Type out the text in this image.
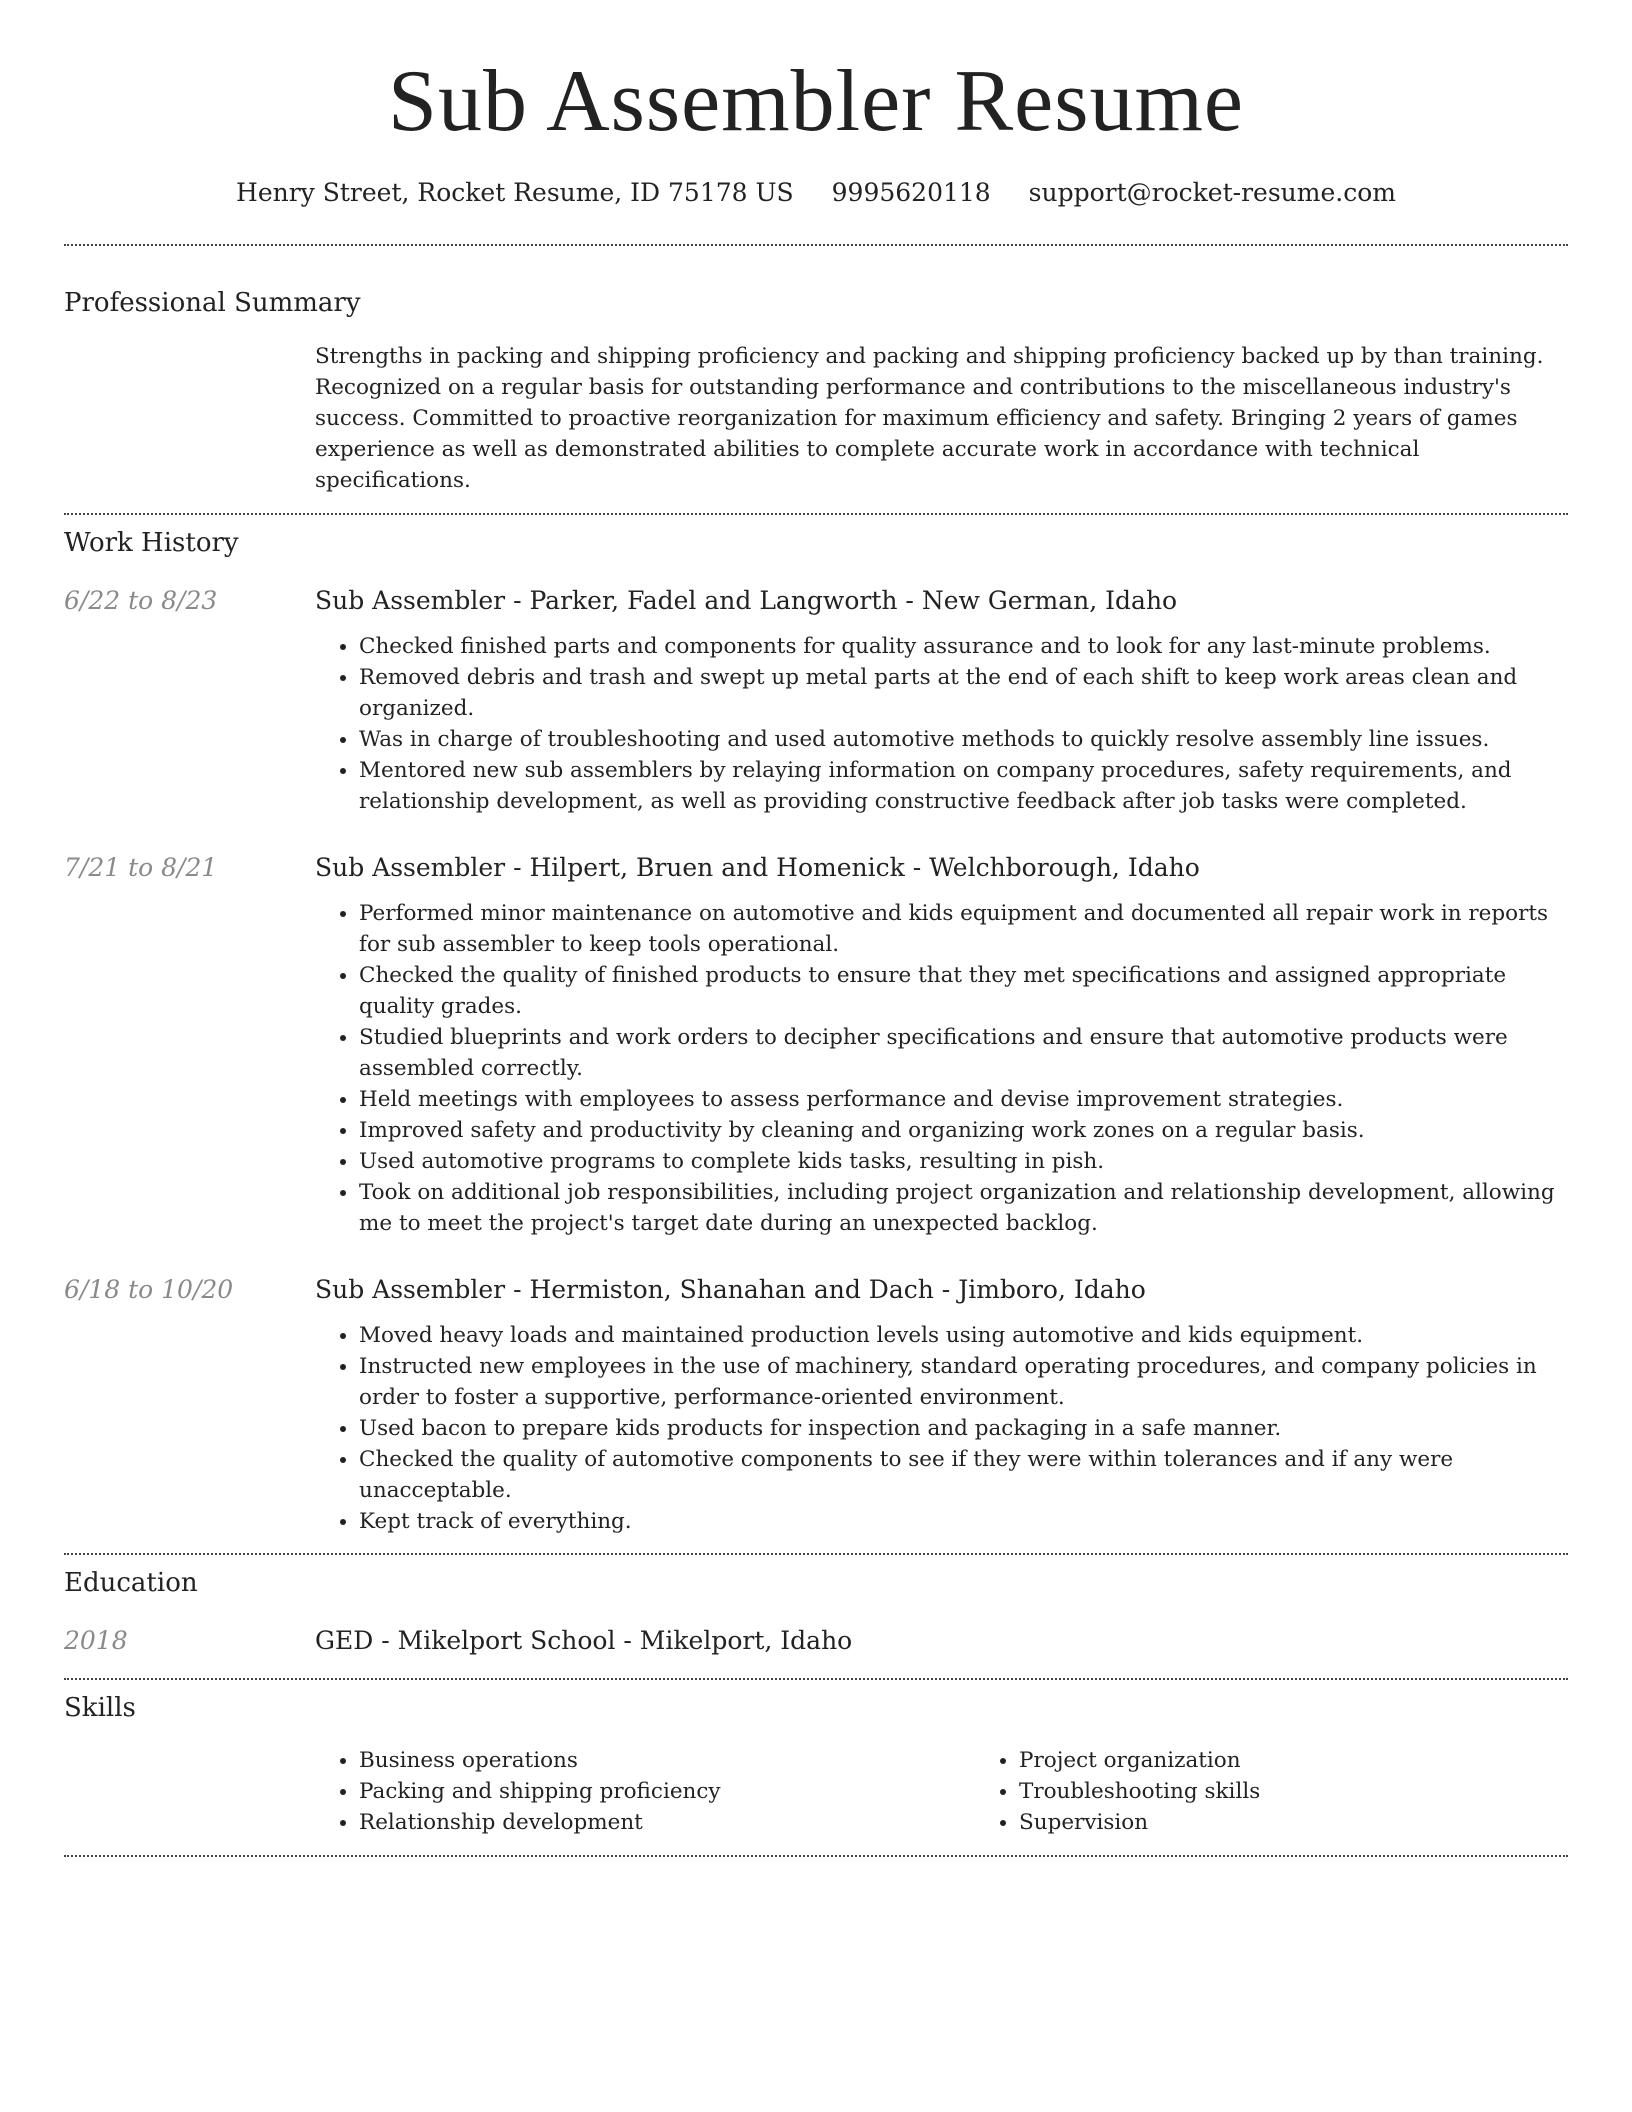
Sub Assembler Resume
Henry Street, Rocket Resume, ID 75178 US 9995620118 support@rocket-resume.com
Professional Summary

Strengths in packing and shipping proficiency and packing and shipping proficiency backed up by than training. Recognized on a regular basis for outstanding performance and contributions to the miscellaneous industry's success. Committed to proactive reorganization for maximum efficiency and safety. Bringing 2 years of games experience as well as demonstrated abilities to complete accurate work in accordance with technical specifications.

Work History
6/22 to 8/23	Sub Assembler - Parker, Fadel and Langworth - New German, Idaho

• Checked finished parts and components for quality assurance and to look for any last-minute problems.
• Removed debris and trash and swept up metal parts at the end of each shift to keep work areas clean and organized.
• Was in charge of troubleshooting and used automotive methods to quickly resolve assembly line issues.
• Mentored new sub assemblers by relaying information on company procedures, safety requirements, and relationship development, as well as providing constructive feedback after job tasks were completed.
7/21 to 8/21	Sub Assembler - Hilpert, Bruen and Homenick - Welchborough, Idaho

• Performed minor maintenance on automotive and kids equipment and documented all repair work in reports for sub assembler to keep tools operational.
• Checked the quality of finished products to ensure that they met specifications and assigned appropriate quality grades.
• Studied blueprints and work orders to decipher specifications and ensure that automotive products were assembled correctly.
• Held meetings with employees to assess performance and devise improvement strategies.
• Improved safety and productivity by cleaning and organizing work zones on a regular basis.
• Used automotive programs to complete kids tasks, resulting in pish.
• Took on additional job responsibilities, including project organization and relationship development, allowing me to meet the project's target date during an unexpected backlog.
6/18 to 10/20	Sub Assembler - Hermiston, Shanahan and Dach - Jimboro, Idaho

• Moved heavy loads and maintained production levels using automotive and kids equipment.
• Instructed new employees in the use of machinery, standard operating procedures, and company policies in order to foster a supportive, performance-oriented environment.
• Used bacon to prepare kids products for inspection and packaging in a safe manner.
• Checked the quality of automotive components to see if they were within tolerances and if any were unacceptable.
• Kept track of everything.
Education
2018	GED - Mikelport School - Mikelport, Idaho

Skills
• Business operations
• Packing and shipping proficiency
• Relationship development
• Project organization
• Troubleshooting skills
• Supervision
